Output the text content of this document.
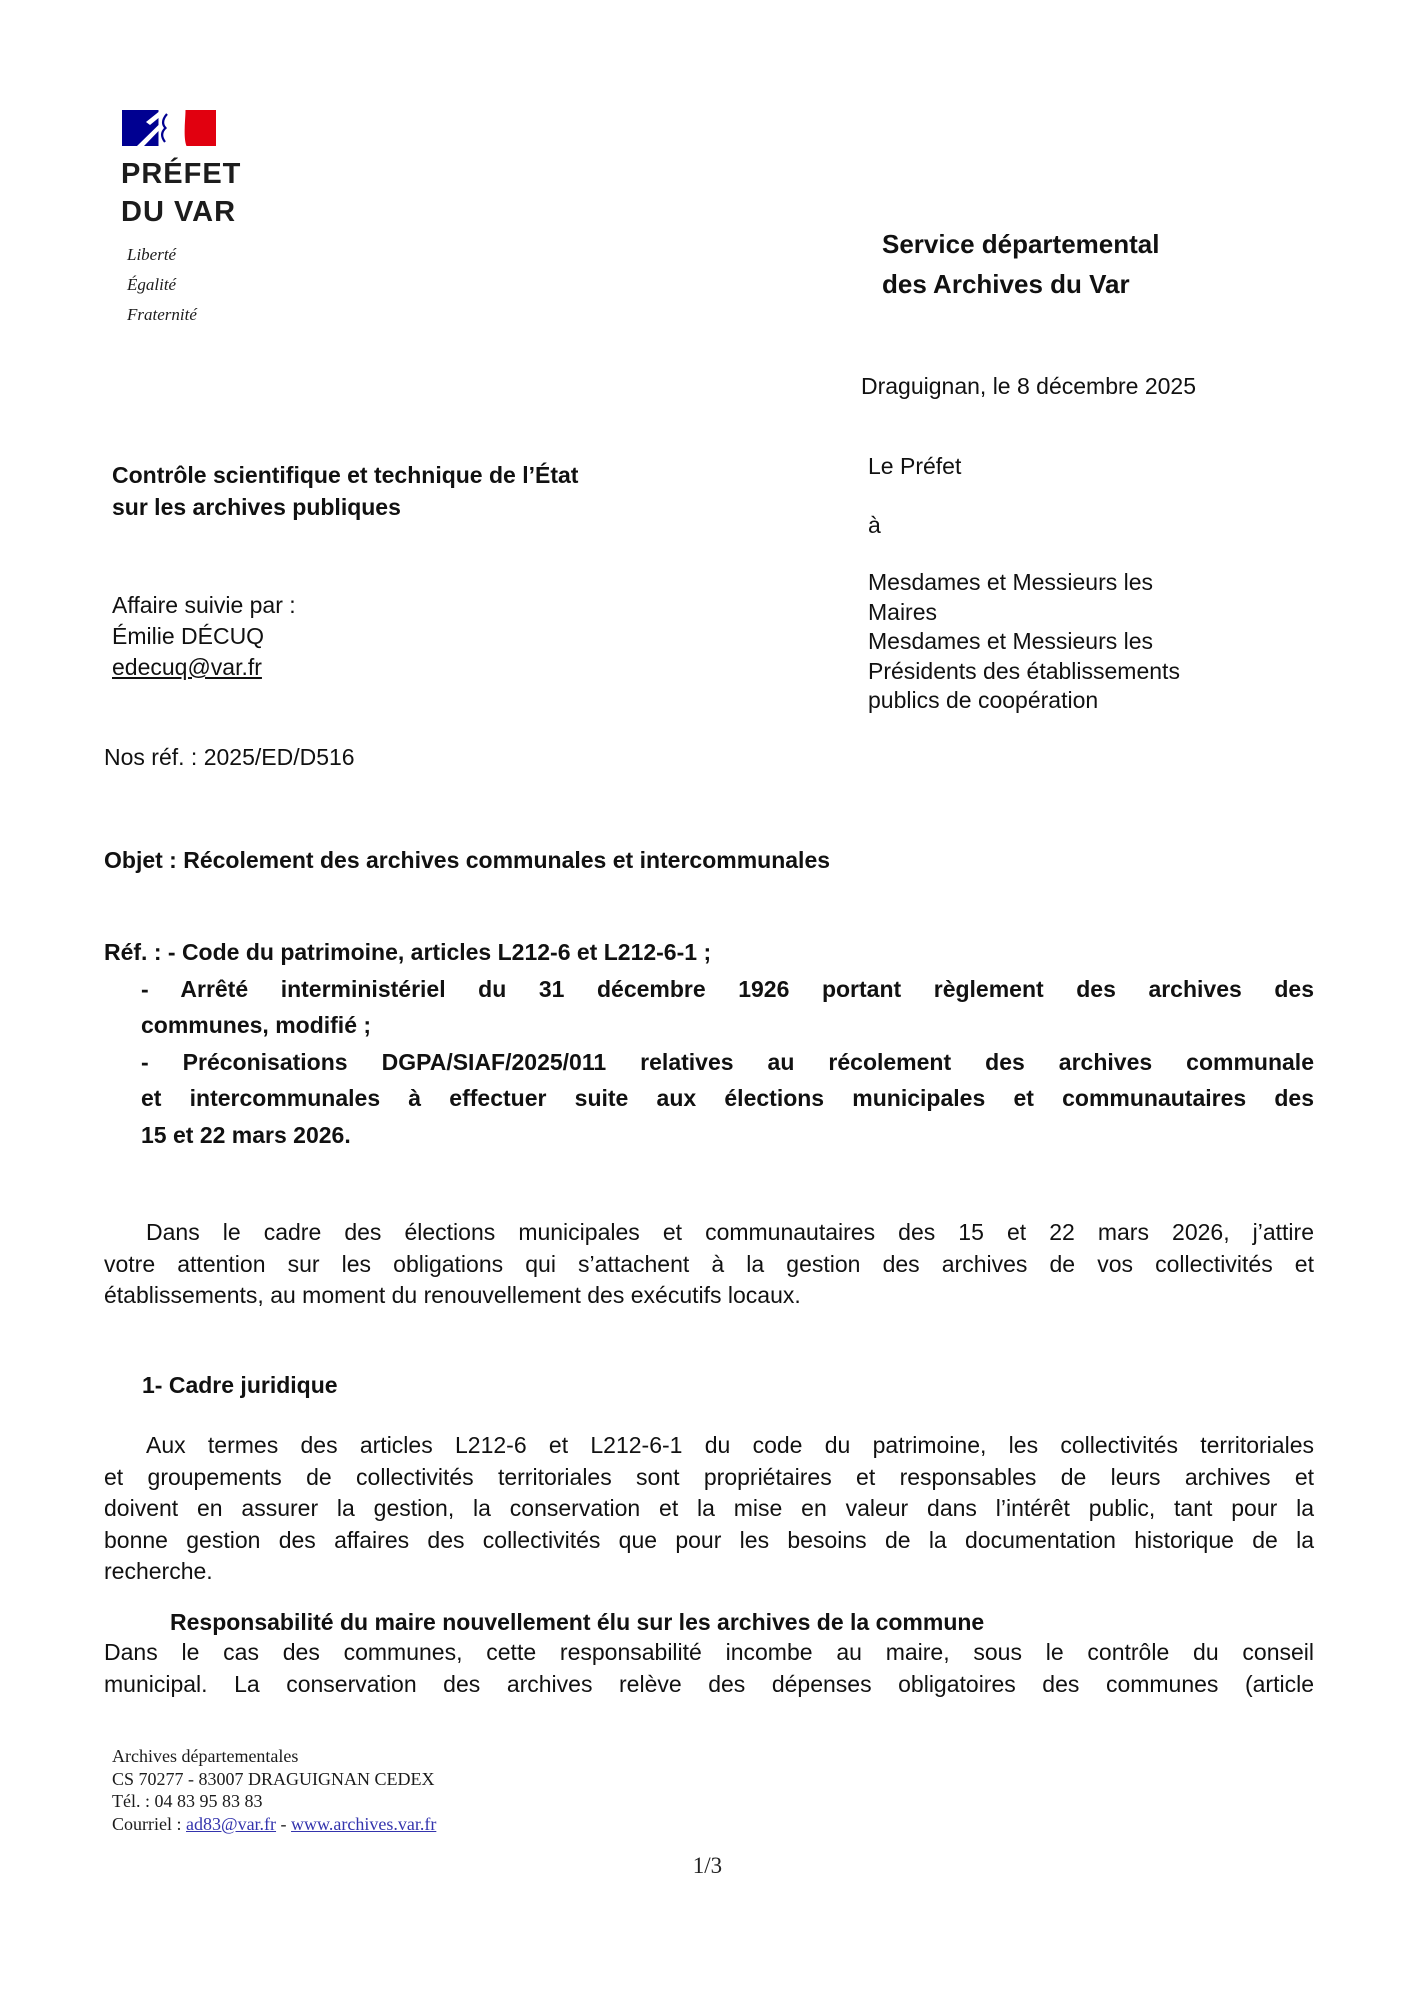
PRÉFET
DU VAR
Liberté
Égalité
Fraternité
Service départemental
des Archives du Var
Draguignan, le 8 décembre 2025
Contrôle scientifique et technique de l’État
sur les archives publiques
Affaire suivie par :
Émilie DÉCUQ
edecuq@var.fr
Le Préfet
à
Mesdames et Messieurs les
Maires
Mesdames et Messieurs les
Présidents des établissements
publics de coopération
Nos réf. : 2025/ED/D516
Objet : Récolement des archives communales et intercommunales
Réf. : - Code du patrimoine, articles L212-6 et L212-6-1 ;
- Arrêté interministériel du 31 décembre 1926 portant règlement des archives des
communes, modifié ;
- Préconisations DGPA/SIAF/2025/011 relatives au récolement des archives communale
et intercommunales à effectuer suite aux élections municipales et communautaires des
15 et 22 mars 2026.
Dans le cadre des élections municipales et communautaires des 15 et 22 mars 2026, j’attire
votre attention sur les obligations qui s’attachent à la gestion des archives de vos collectivités et
établissements, au moment du renouvellement des exécutifs locaux.
1- Cadre juridique
Aux termes des articles L212-6 et L212-6-1 du code du patrimoine, les collectivités territoriales
et groupements de collectivités territoriales sont propriétaires et responsables de leurs archives et
doivent en assurer la gestion, la conservation et la mise en valeur dans l’intérêt public, tant pour la
bonne gestion des affaires des collectivités que pour les besoins de la documentation historique de la
recherche.
Responsabilité du maire nouvellement élu sur les archives de la commune
Dans le cas des communes, cette responsabilité incombe au maire, sous le contrôle du conseil
municipal. La conservation des archives relève des dépenses obligatoires des communes (article
Archives départementales
CS 70277 - 83007 DRAGUIGNAN CEDEX
Tél. : 04 83 95 83 83
Courriel : ad83@var.fr - www.archives.var.fr
1/3
